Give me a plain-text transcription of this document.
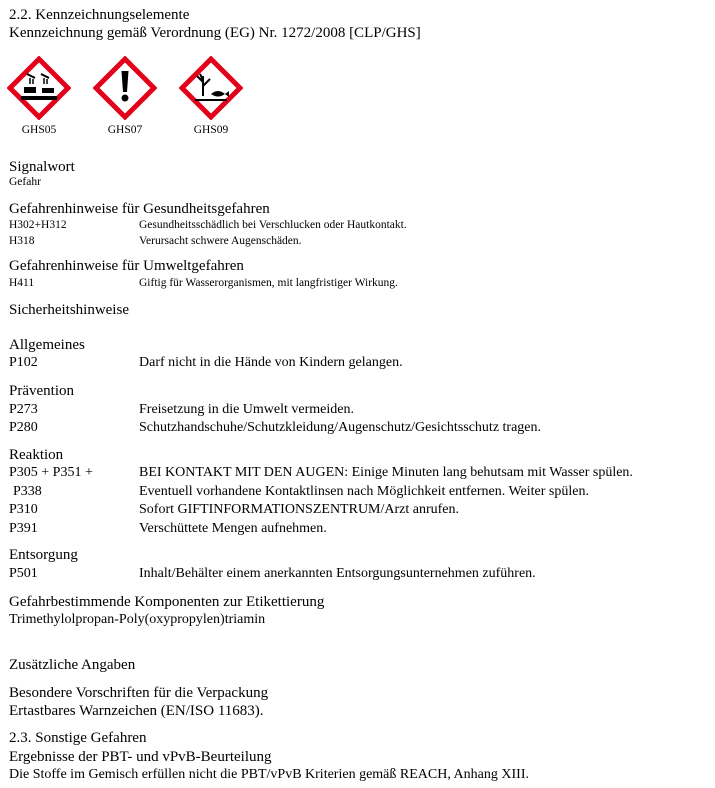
2.2. Kennzeichnungselemente
Kennzeichnung gemäß Verordnung (EG) Nr. 1272/2008 [CLP/GHS]
GHS05	GHS07	GHS09
Signalwort
Gefahr
Gefahrenhinweise für Gesundheitsgefahren
H302+H312	Gesundheitsschädlich bei Verschlucken oder Hautkontakt.
H318	Verursacht schwere Augenschäden.
Gefahrenhinweise für Umweltgefahren
H411	Giftig für Wasserorganismen, mit langfristiger Wirkung.
Sicherheitshinweise
Allgemeines
P102	Darf nicht in die Hände von Kindern gelangen.
Prävention
P273	Freisetzung in die Umwelt vermeiden.
P280	Schutzhandschuhe/Schutzkleidung/Augenschutz/Gesichtsschutz tragen.
Reaktion
P305 + P351 +	BEI KONTAKT MIT DEN AUGEN: Einige Minuten lang behutsam mit Wasser spülen.
P338	Eventuell vorhandene Kontaktlinsen nach Möglichkeit entfernen. Weiter spülen.
P310	Sofort GIFTINFORMATIONSZENTRUM/Arzt anrufen.
P391	Verschüttete Mengen aufnehmen.
Entsorgung
P501	Inhalt/Behälter einem anerkannten Entsorgungsunternehmen zuführen.
Gefahrbestimmende Komponenten zur Etikettierung
Trimethylolpropan-Poly(oxypropylen)triamin
Zusätzliche Angaben
Besondere Vorschriften für die Verpackung
Ertastbares Warnzeichen (EN/ISO 11683).
2.3. Sonstige Gefahren
Ergebnisse der PBT- und vPvB-Beurteilung
Die Stoffe im Gemisch erfüllen nicht die PBT/vPvB Kriterien gemäß REACH, Anhang XIII.
